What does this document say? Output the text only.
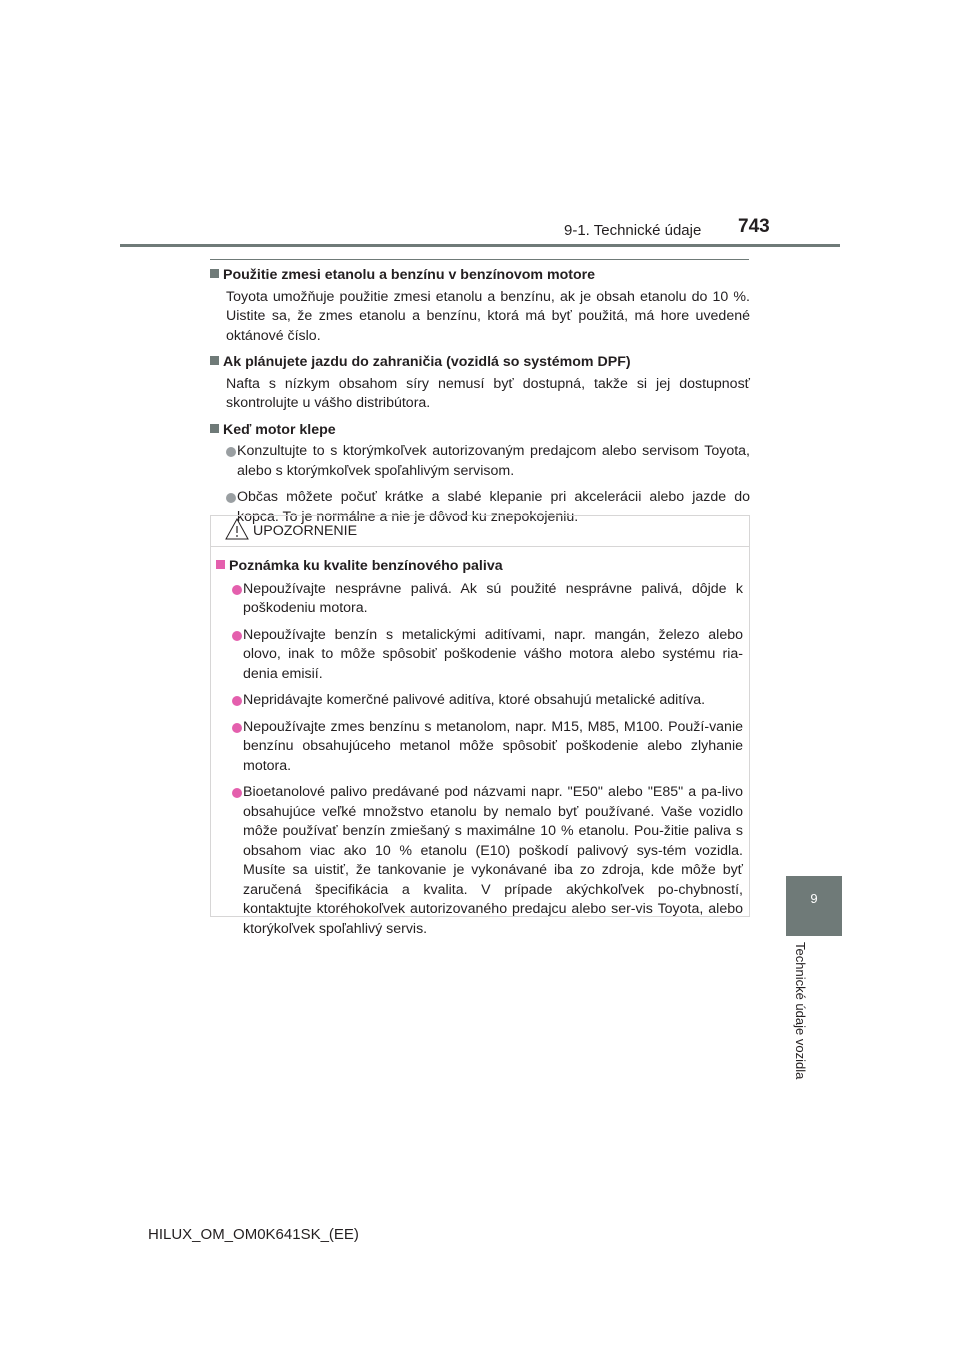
9-1. Technické údaje 743
9
Technické údaje vozidla
Použitie zmesi etanolu a benzínu v benzínovom motore
Toyota umožňuje použitie zmesi etanolu a benzínu, ak je obsah etanolu do 10 %. Uistite sa, že zmes etanolu a benzínu, ktorá má byť použitá, má hore uvedené oktánové číslo.
Ak plánujete jazdu do zahraničia (vozidlá so systémom DPF)
Nafta s nízkym obsahom síry nemusí byť dostupná, takže si jej dostupnosť skontrolujte u vášho distribútora.
Keď motor klepe
Konzultujte to s ktorýmkoľvek autorizovaným predajcom alebo servisom Toyota, alebo s ktorýmkoľvek spoľahlivým servisom.
Občas môžete počuť krátke a slabé klepanie pri akcelerácii alebo jazde do kopca. To je normálne a nie je dôvod ku znepokojeniu.
UPOZORNENIE
Poznámka ku kvalite benzínového paliva
Nepoužívajte nesprávne palivá. Ak sú použité nesprávne palivá, dôjde k poškodeniu motora.
Nepoužívajte benzín s metalickými aditívami, napr. mangán, železo alebo olovo, inak to môže spôsobiť poškodenie vášho motora alebo systému ria-denia emisií.
Nepridávajte komerčné palivové aditíva, ktoré obsahujú metalické aditíva.
Nepoužívajte zmes benzínu s metanolom, napr. M15, M85, M100. Použí-vanie benzínu obsahujúceho metanol môže spôsobiť poškodenie alebo zlyhanie motora.
Bioetanolové palivo predávané pod názvami napr. "E50" alebo "E85" a pa-livo obsahujúce veľké množstvo etanolu by nemalo byť používané. Vaše vozidlo môže používať benzín zmiešaný s maximálne 10 % etanolu. Pou-žitie paliva s obsahom viac ako 10 % etanolu (E10) poškodí palivový sys-tém vozidla. Musíte sa uistiť, že tankovanie je vykonávané iba zo zdroja, kde môže byť zaručená špecifikácia a kvalita. V prípade akýchkoľvek po-chybností, kontaktujte ktoréhokoľvek autorizovaného predajcu alebo ser-vis Toyota, alebo ktorýkoľvek spoľahlivý servis.
HILUX_OM_OM0K641SK_(EE)
